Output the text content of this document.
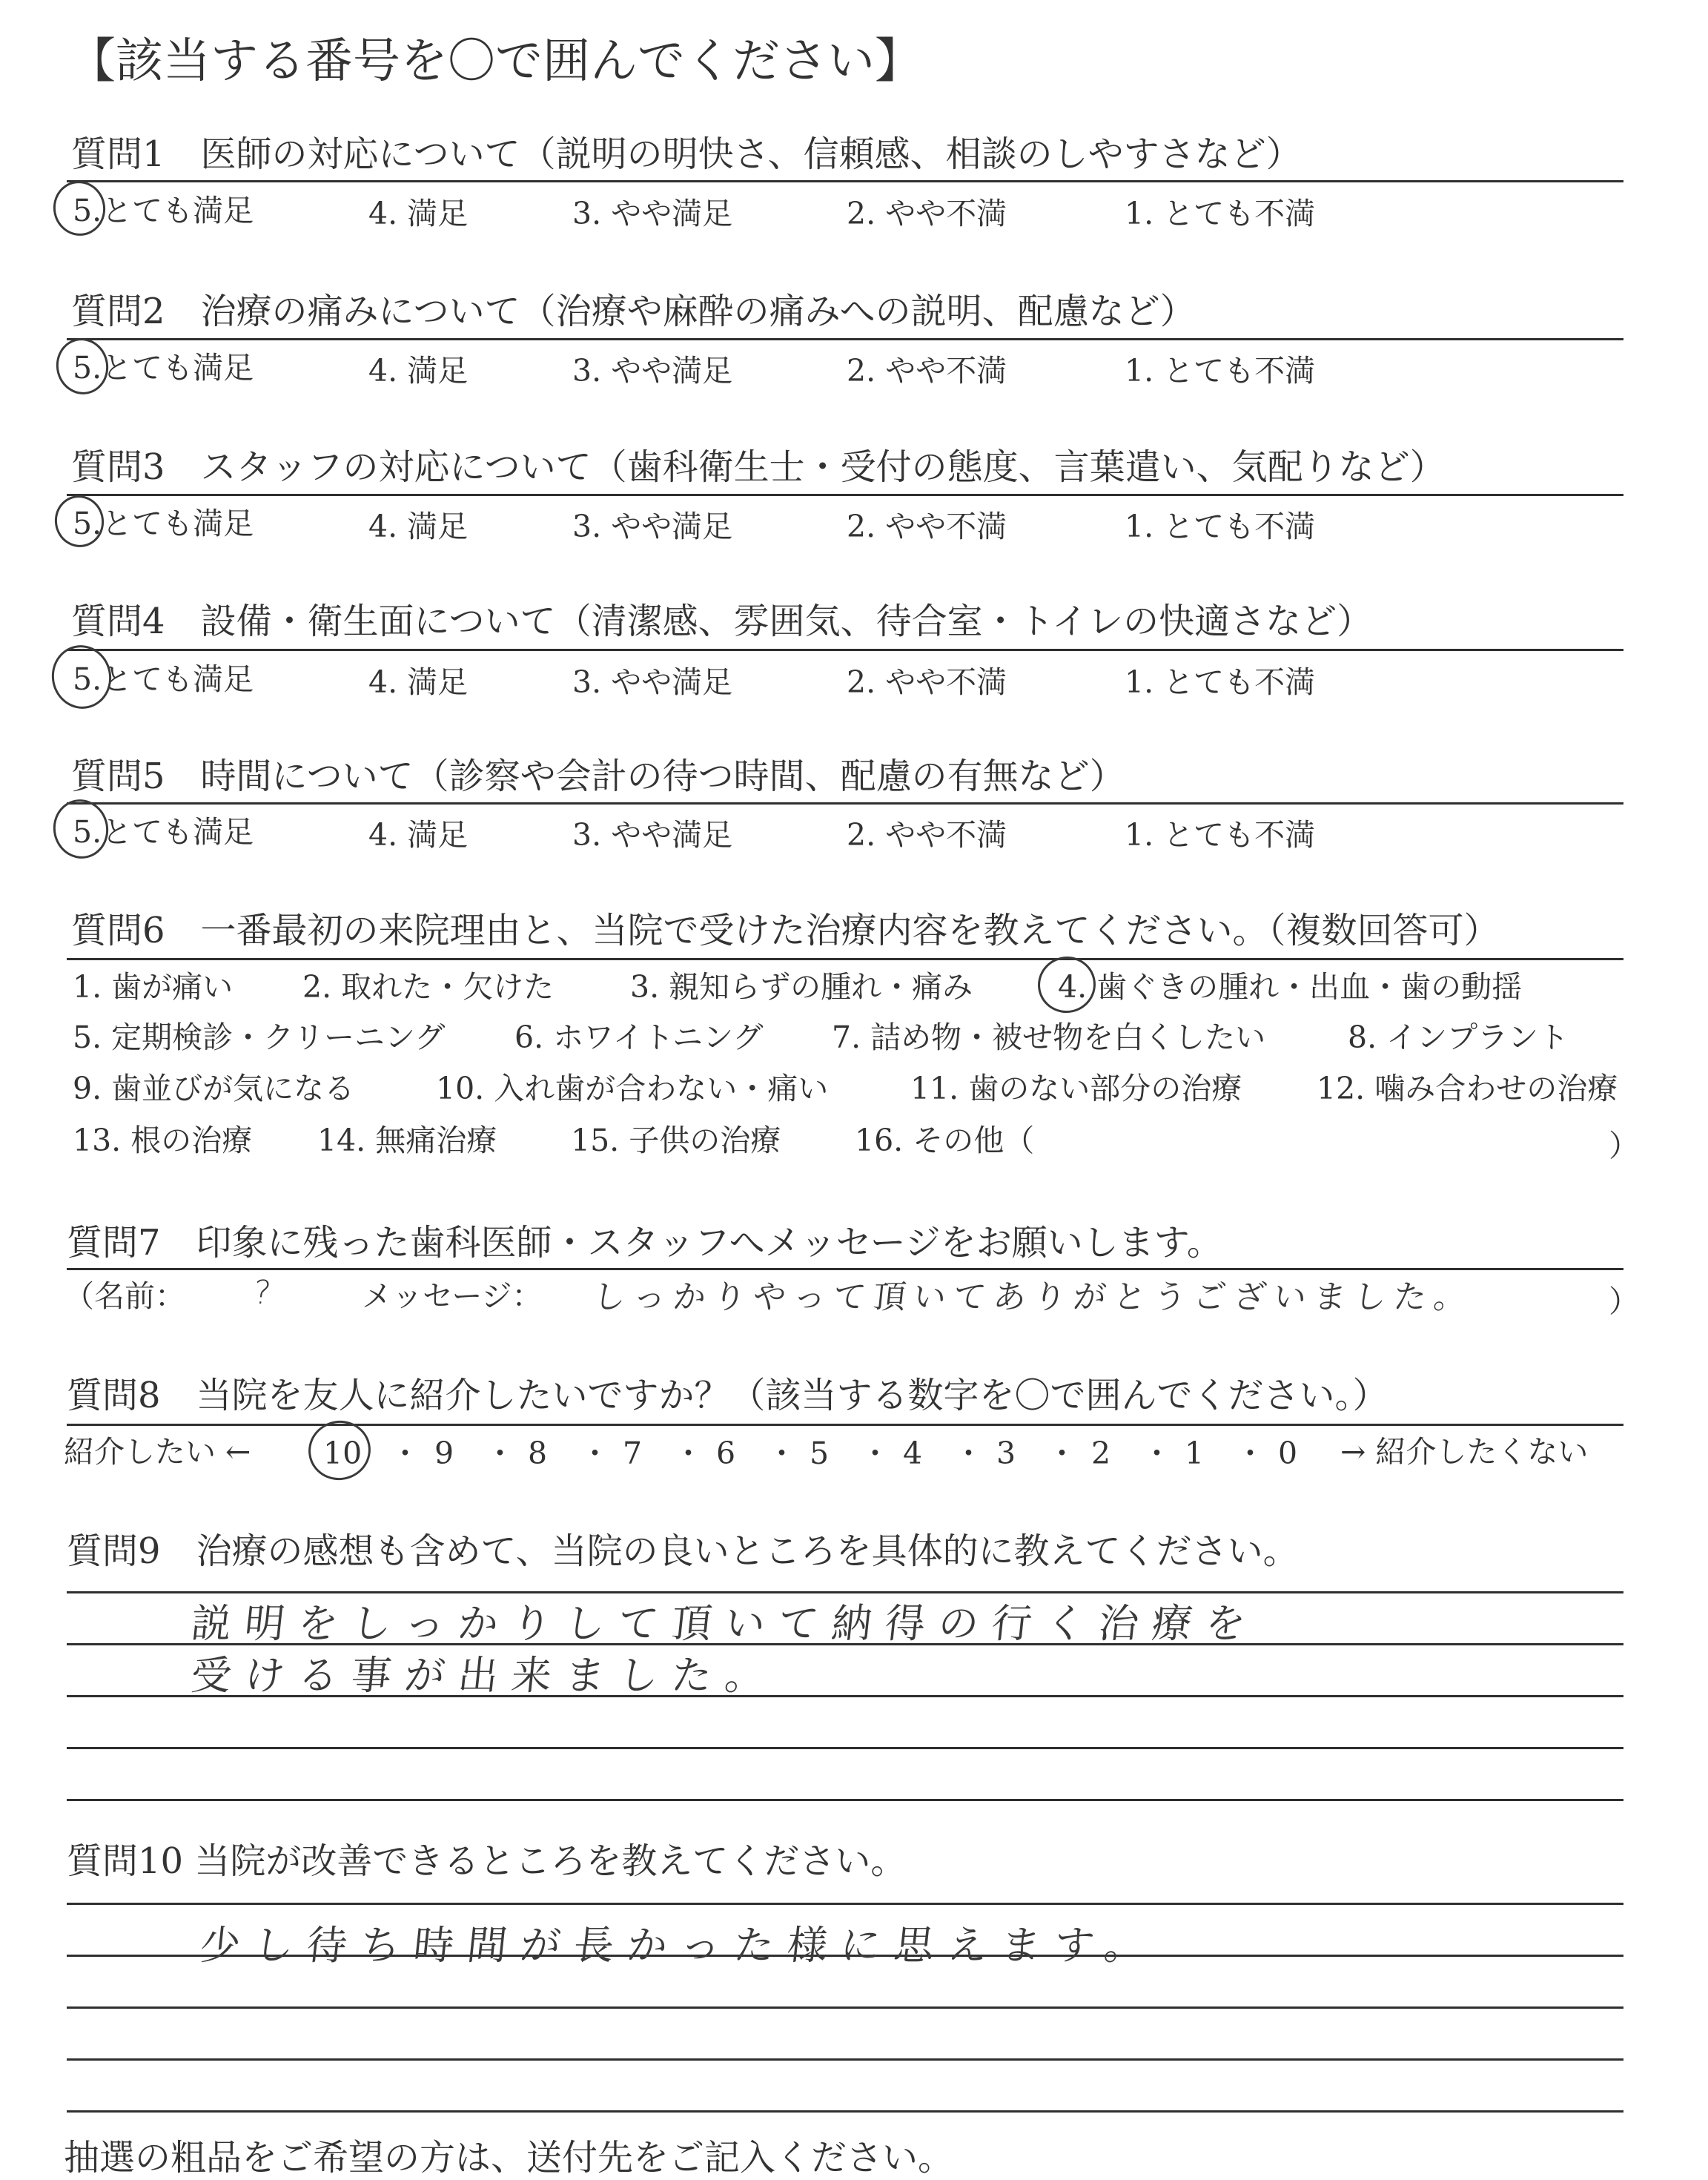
【該当する番号を〇で囲んでください】
質問1　医師の対応について（説明の明快さ、信頼感、相談のしやすさなど）
5.とても満足	4. 満足	3. やや満足	2. やや不満	1. とても不満
質問2　治療の痛みについて（治療や麻酔の痛みへの説明、配慮など）
5.とても満足	4. 満足	3. やや満足	2. やや不満	1. とても不満
質問3　スタッフの対応について（歯科衛生士・受付の態度、言葉遣い、気配りなど）
5.とても満足	4. 満足	3. やや満足	2. やや不満	1. とても不満
質問4　設備・衛生面について（清潔感、雰囲気、待合室・トイレの快適さなど）
5.とても満足	4. 満足	3. やや満足	2. やや不満	1. とても不満
質問5　時間について（診察や会計の待つ時間、配慮の有無など）
5.とても満足	4. 満足	3. やや満足	2. やや不満	1. とても不満
質問6　一番最初の来院理由と、当院で受けた治療内容を教えてください。（複数回答可）
1. 歯が痛い 2. 取れた・欠けた	3. 親知らずの腫れ・痛み	4. 歯ぐきの腫れ・出血・歯の動揺
5. 定期検診・クリーニング 6. ホワイトニング 7. 詰め物・被せ物を白くしたい	8. インプラント
9. 歯並びが気になる	10. 入れ歯が合わない・痛い	11. 歯のない部分の治療 12. 噛み合わせの治療
13. 根の治療 14. 無痛治療 15. 子供の治療 16. その他（	）
質問7　印象に残った歯科医師・スタッフへメッセージをお願いします。
（名前： ?	メッセージ： しっかりやって頂いてありがとうございました。	）
質問8　当院を友人に紹介したいですか？（該当する数字を〇で囲んでください。）
紹介したい ← 10 ・ 9 ・ 8 ・ 7 ・ 6 ・ 5 ・ 4 ・ 3 ・ 2 ・ 1 ・ 0 → 紹介したくない
質問9　治療の感想も含めて、当院の良いところを具体的に教えてください。
説明をしっかりして頂いて納得の行く治療を
受ける事が出来ました。
質問10 当院が改善できるところを教えてください。
少し待ち時間が長かった様に思えます。
抽選の粗品をご希望の方は、送付先をご記入ください。
